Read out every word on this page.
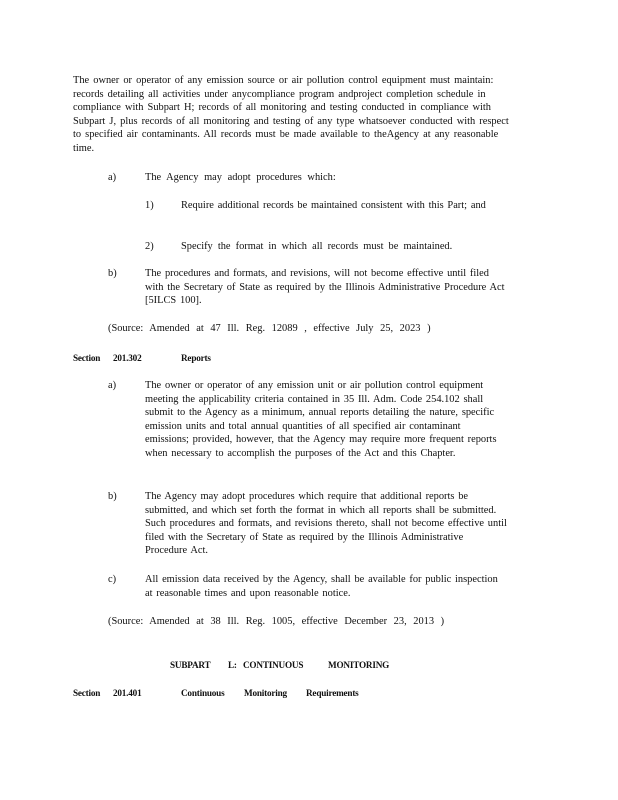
The owner or operator of any emission source or air pollution control equipment must maintain: records detailing all activities under anycompliance program andproject completion schedule in compliance with Subpart H; records of all monitoring and testing conducted in compliance with Subpart J, plus records of all monitoring and testing of any type whatsoever conducted with respect to specified air contaminants. All records must be made available to theAgency at any reasonable time.

a)	The Agency may adopt procedures which:
1)	Require additional records be maintained consistent with this Part; and

2)	Specify the format in which all records must be maintained.
b)	The procedures and formats, and revisions, will not become effective until filed with the Secretary of State as required by the Illinois Administrative Procedure Act [5ILCS 100].

(Source: Amended at 47 Ill. Reg. 12089 , effective July 25, 2023 )
Section 201.302	Reports
a)	The owner or operator of any emission unit or air pollution control equipment meeting the applicability criteria contained in 35 Ill. Adm. Code 254.102 shall submit to the Agency as a minimum, annual reports detailing the nature, specific emission units and total annual quantities of all specified air contaminant emissions; provided, however, that the Agency may require more frequent reports when necessary to accomplish the purposes of the Act and this Chapter.

b)	The Agency may adopt procedures which require that additional reports be submitted, and which set forth the format in which all reports shall be submitted. Such procedures and formats, and revisions thereto, shall not become effective until filed with the Secretary of State as required by the Illinois Administrative Procedure Act.

c)	All emission data received by the Agency, shall be available for public inspection at reasonable times and upon reasonable notice.

(Source: Amended at 38 Ill. Reg. 1005, effective December 23, 2013 )
SUBPART L: CONTINUOUS	MONITORING
Section 201.401	Continuous Monitoring Requirements
